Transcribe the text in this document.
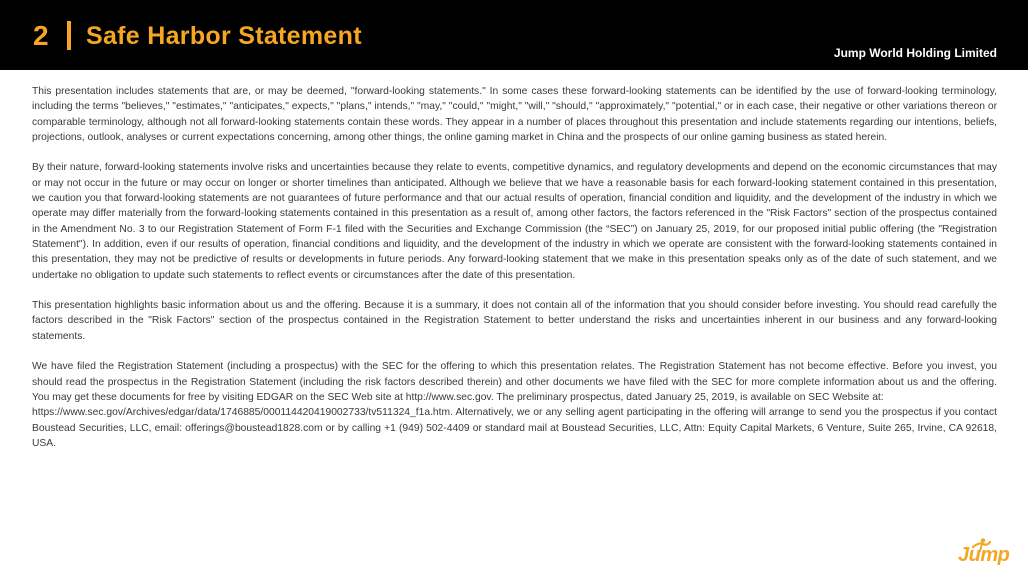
2 Safe Harbor Statement
Jump World Holding Limited

This presentation includes statements that are, or may be deemed, "forward-looking statements." In some cases these forward-looking statements can be identified by the use of forward-looking terminology, including the terms "believes," "estimates," "anticipates," expects," "plans," intends," "may," "could," "might," "will," "should," "approximately," "potential," or in each case, their negative or other variations thereon or comparable terminology, although not all forward-looking statements contain these words. They appear in a number of places throughout this presentation and include statements regarding our intentions, beliefs, projections, outlook, analyses or current expectations concerning, among other things, the online gaming market in China and the prospects of our online gaming business as stated herein.

By their nature, forward-looking statements involve risks and uncertainties because they relate to events, competitive dynamics, and regulatory developments and depend on the economic circumstances that may or may not occur in the future or may occur on longer or shorter timelines than anticipated. Although we believe that we have a reasonable basis for each forward-looking statement contained in this presentation, we caution you that forward-looking statements are not guarantees of future performance and that our actual results of operation, financial condition and liquidity, and the development of the industry in which we operate may differ materially from the forward-looking statements contained in this presentation as a result of, among other factors, the factors referenced in the "Risk Factors" section of the prospectus contained in the Amendment No. 3 to our Registration Statement of Form F-1 filed with the Securities and Exchange Commission (the “SEC”) on January 25, 2019, for our proposed initial public offering (the "Registration Statement"). In addition, even if our results of operation, financial conditions and liquidity, and the development of the industry in which we operate are consistent with the forward-looking statements contained in this presentation, they may not be predictive of results or developments in future periods. Any forward-looking statement that we make in this presentation speaks only as of the date of such statement, and we undertake no obligation to update such statements to reflect events or circumstances after the date of this presentation.

This presentation highlights basic information about us and the offering. Because it is a summary, it does not contain all of the information that you should consider before investing. You should read carefully the factors described in the "Risk Factors" section of the prospectus contained in the Registration Statement to better understand the risks and uncertainties inherent in our business and any forward-looking statements.

We have filed the Registration Statement (including a prospectus) with the SEC for the offering to which this presentation relates. The Registration Statement has not become effective. Before you invest, you should read the prospectus in the Registration Statement (including the risk factors described therein) and other documents we have filed with the SEC for more complete information about us and the offering. You may get these documents for free by visiting EDGAR on the SEC Web site at http://www.sec.gov. The preliminary prospectus, dated January 25, 2019, is available on SEC Website at:
https://www.sec.gov/Archives/edgar/data/1746885/000114420419002733/tv511324_f1a.htm. Alternatively, we or any selling agent participating in the offering will arrange to send you the prospectus if you contact Boustead Securities, LLC, email: offerings@boustead1828.com or by calling +1 (949) 502-4409 or standard mail at Boustead Securities, LLC, Attn: Equity Capital Markets, 6 Venture, Suite 265, Irvine, CA 92618, USA.

Jump
